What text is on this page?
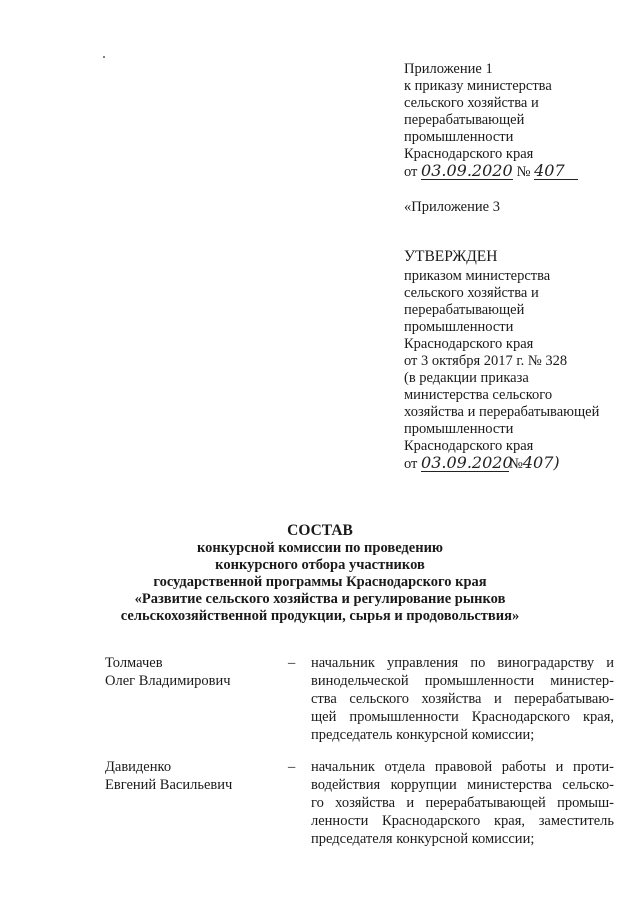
Приложение 1
к приказу министерства
сельского хозяйства и
перерабатывающей
промышленности
Краснодарского края
от 03.09.2020 № 407
«Приложение 3
УТВЕРЖДЕН
приказом министерства
сельского хозяйства и
перерабатывающей
промышленности
Краснодарского края
от 3 октября 2017 г. № 328
(в редакции приказа
министерства сельского
хозяйства и перерабатывающей
промышленности
Краснодарского края
от 03.09.2020№407)
СОСТАВ
конкурсной комиссии по проведению
конкурсного отбора участников
государственной программы Краснодарского края
«Развитие сельского хозяйства и регулирование рынков
сельскохозяйственной продукции, сырья и продовольствия»
Толмачев
Олег Владимирович
– начальник управления по виноградарству и
винодельческой промышленности министер-
ства сельского хозяйства и перерабатываю-
щей промышленности Краснодарского края,
председатель конкурсной комиссии;
Давиденко
Евгений Васильевич
– начальник отдела правовой работы и проти-
водействия коррупции министерства сельско-
го хозяйства и перерабатывающей промыш-
ленности Краснодарского края, заместитель
председателя конкурсной комиссии;
